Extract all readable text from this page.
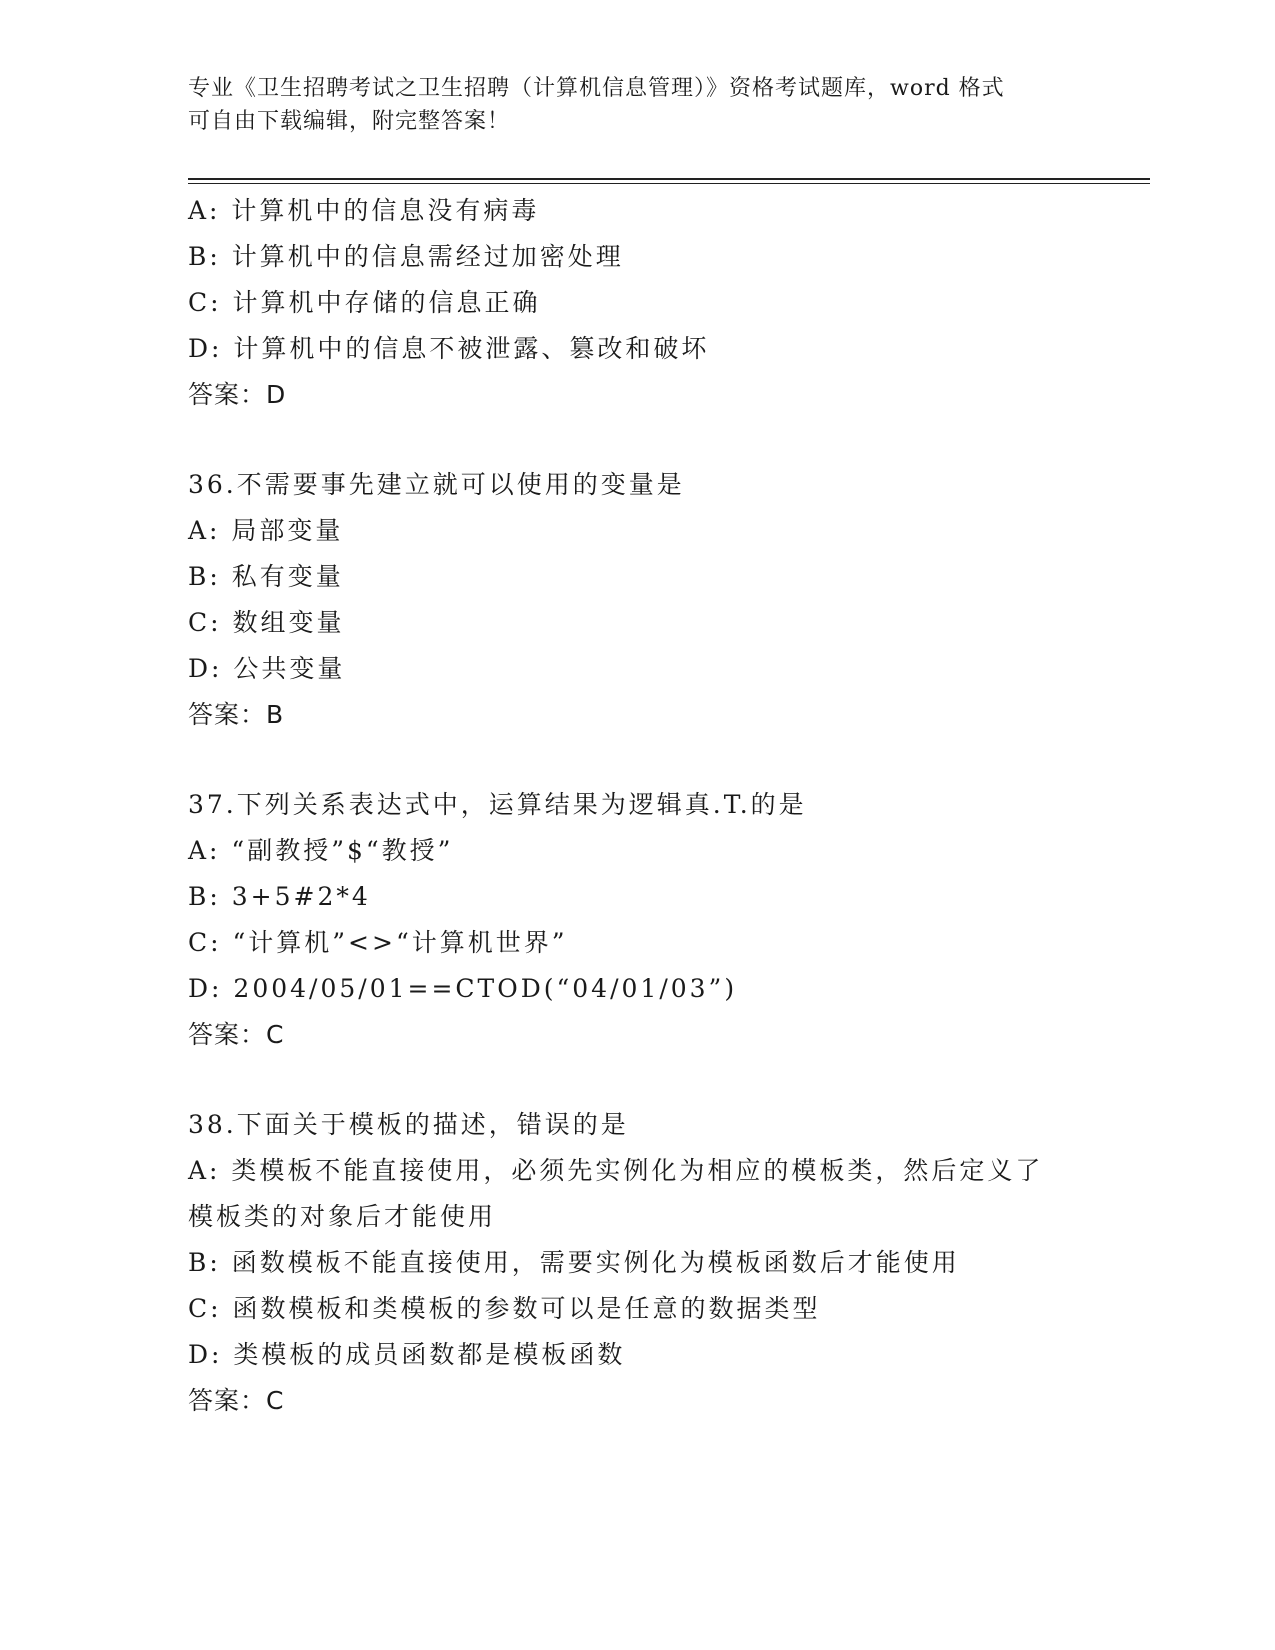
专业《卫生招聘考试之卫生招聘（计算机信息管理）》资格考试题库，word 格式
可自由下载编辑，附完整答案！
A: 计算机中的信息没有病毒
B: 计算机中的信息需经过加密处理
C: 计算机中存储的信息正确
D: 计算机中的信息不被泄露、篡改和破坏
答案：D
36.不需要事先建立就可以使用的变量是
A: 局部变量
B: 私有变量
C: 数组变量
D: 公共变量
答案：B
37.下列关系表达式中，运算结果为逻辑真.T.的是
A: “副教授”$“教授”
B: 3+5#2*4
C: “计算机”<>“计算机世界”
D: 2004/05/01==CTOD(“04/01/03”)
答案：C
38.下面关于模板的描述，错误的是
A: 类模板不能直接使用，必须先实例化为相应的模板类，然后定义了
模板类的对象后才能使用
B: 函数模板不能直接使用，需要实例化为模板函数后才能使用
C: 函数模板和类模板的参数可以是任意的数据类型
D: 类模板的成员函数都是模板函数
答案：C
